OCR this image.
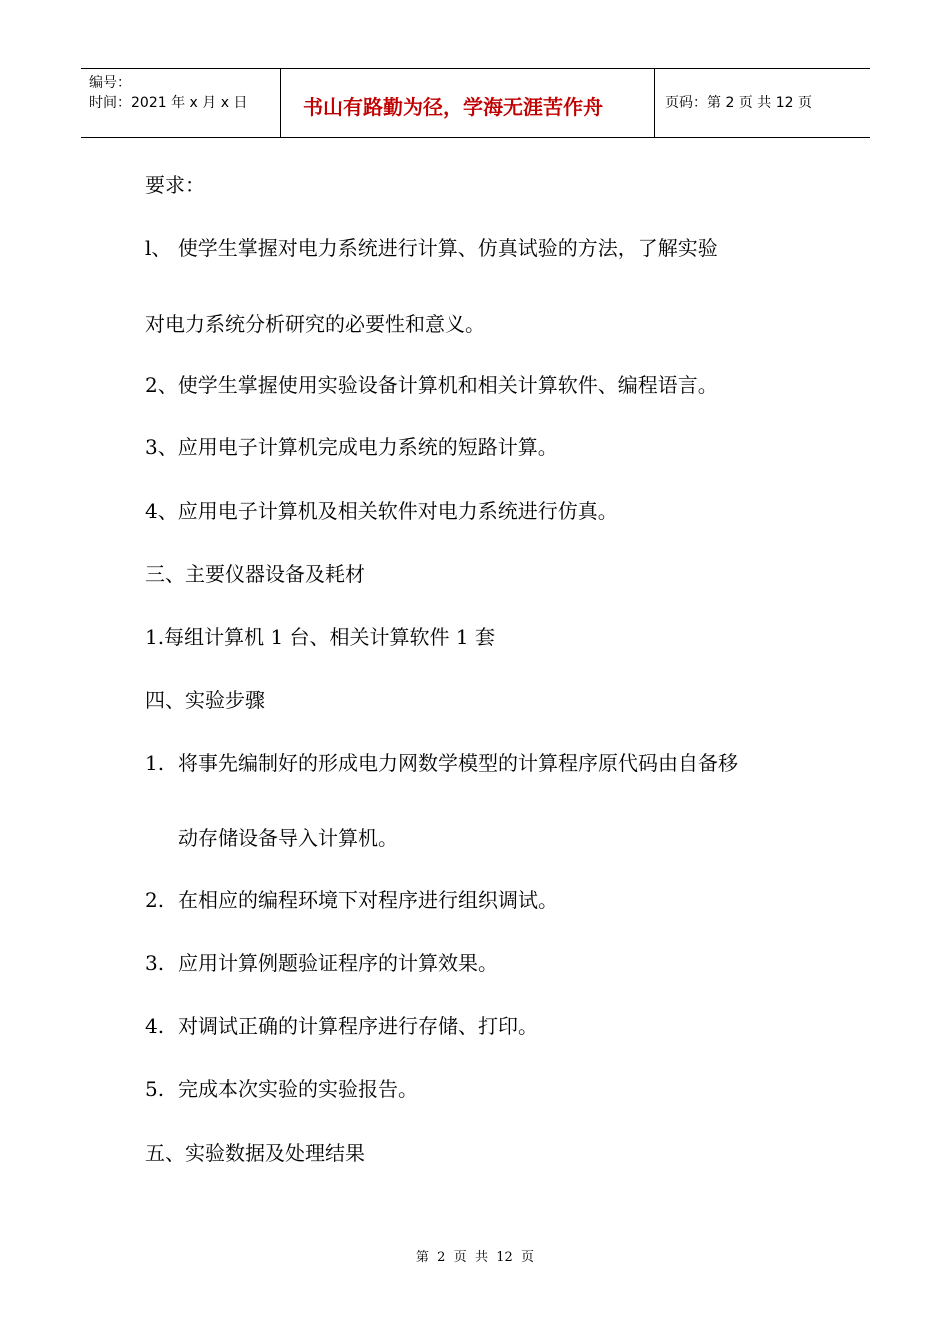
编号：
时间：2021 年 x 月 x 日	书山有路勤为径，学海无涯苦作舟	页码：第 2 页 共 12 页
要求：
l、 使学生掌握对电力系统进行计算、仿真试验的方法，了解实验
对电力系统分析研究的必要性和意义。
2、使学生掌握使用实验设备计算机和相关计算软件、编程语言。
3、应用电子计算机完成电力系统的短路计算。
4、应用电子计算机及相关软件对电力系统进行仿真。
三、主要仪器设备及耗材
1.每组计算机 1 台、相关计算软件 1 套
四、实验步骤
1. 将事先编制好的形成电力网数学模型的计算程序原代码由自备移
动存储设备导入计算机。
2. 在相应的编程环境下对程序进行组织调试。
3. 应用计算例题验证程序的计算效果。
4. 对调试正确的计算程序进行存储、打印。
5. 完成本次实验的实验报告。
五、实验数据及处理结果
第  2  页  共  12  页
